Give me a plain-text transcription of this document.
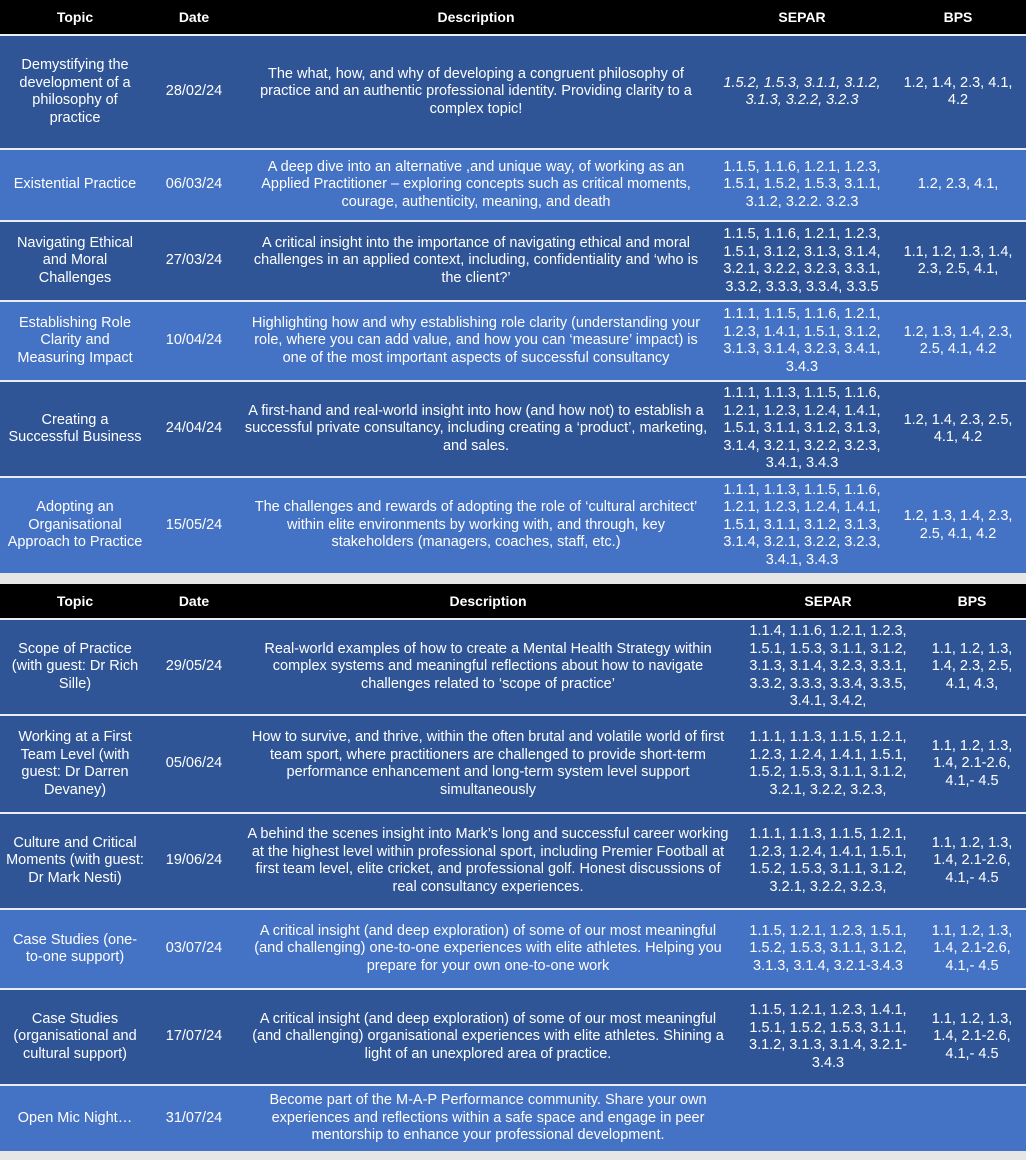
Topic	Date	Description	SEPAR	BPS
Demystifying the development of a philosophy of practice	28/02/24	The what, how, and why of developing a congruent philosophy of practice and an authentic professional identity. Providing clarity to a complex topic!	1.5.2, 1.5.3, 3.1.1, 3.1.2, 3.1.3, 3.2.2, 3.2.3	1.2, 1.4, 2.3, 4.1, 4.2
Existential Practice	06/03/24	A deep dive into an alternative ,and unique way, of working as an Applied Practitioner – exploring concepts such as critical moments, courage, authenticity, meaning, and death	1.1.5, 1.1.6, 1.2.1, 1.2.3, 1.5.1, 1.5.2, 1.5.3, 3.1.1, 3.1.2, 3.2.2. 3.2.3	1.2, 2.3, 4.1,
Navigating Ethical and Moral Challenges	27/03/24	A critical insight into the importance of navigating ethical and moral challenges in an applied context, including, confidentiality and ‘who is the client?’	1.1.5, 1.1.6, 1.2.1, 1.2.3, 1.5.1, 3.1.2, 3.1.3, 3.1.4, 3.2.1, 3.2.2, 3.2.3, 3.3.1, 3.3.2, 3.3.3, 3.3.4, 3.3.5	1.1, 1.2, 1.3, 1.4, 2.3, 2.5, 4.1,
Establishing Role Clarity and Measuring Impact	10/04/24	Highlighting how and why establishing role clarity (understanding your role, where you can add value, and how you can ‘measure’ impact) is one of the most important aspects of successful consultancy	1.1.1, 1.1.5, 1.1.6, 1.2.1, 1.2.3, 1.4.1, 1.5.1, 3.1.2, 3.1.3, 3.1.4, 3.2.3, 3.4.1, 3.4.3	1.2, 1.3, 1.4, 2.3, 2.5, 4.1, 4.2
Creating a Successful Business	24/04/24	A first-hand and real-world insight into how (and how not) to establish a successful private consultancy, including creating a ‘product’, marketing, and sales.	1.1.1, 1.1.3, 1.1.5, 1.1.6, 1.2.1, 1.2.3, 1.2.4, 1.4.1, 1.5.1, 3.1.1, 3.1.2, 3.1.3, 3.1.4, 3.2.1, 3.2.2, 3.2.3, 3.4.1, 3.4.3	1.2, 1.4, 2.3, 2.5, 4.1, 4.2
Adopting an Organisational Approach to Practice	15/05/24	The challenges and rewards of adopting the role of ‘cultural architect’ within elite environments by working with, and through, key stakeholders (managers, coaches, staff, etc.)	1.1.1, 1.1.3, 1.1.5, 1.1.6, 1.2.1, 1.2.3, 1.2.4, 1.4.1, 1.5.1, 3.1.1, 3.1.2, 3.1.3, 3.1.4, 3.2.1, 3.2.2, 3.2.3, 3.4.1, 3.4.3	1.2, 1.3, 1.4, 2.3, 2.5, 4.1, 4.2
Topic	Date	Description	SEPAR	BPS
Scope of Practice (with guest: Dr Rich Sille)	29/05/24	Real-world examples of how to create a Mental Health Strategy within complex systems and meaningful reflections about how to navigate challenges related to ‘scope of practice’	1.1.4, 1.1.6, 1.2.1, 1.2.3, 1.5.1, 1.5.3, 3.1.1, 3.1.2, 3.1.3, 3.1.4, 3.2.3, 3.3.1, 3.3.2, 3.3.3, 3.3.4, 3.3.5, 3.4.1, 3.4.2,	1.1, 1.2, 1.3, 1.4, 2.3, 2.5, 4.1, 4.3,
Working at a First Team Level (with guest: Dr Darren Devaney)	05/06/24	How to survive, and thrive, within the often brutal and volatile world of first team sport, where practitioners are challenged to provide short-term performance enhancement and long-term system level support simultaneously	1.1.1, 1.1.3, 1.1.5, 1.2.1, 1.2.3, 1.2.4, 1.4.1, 1.5.1, 1.5.2, 1.5.3, 3.1.1, 3.1.2, 3.2.1, 3.2.2, 3.2.3,	1.1, 1.2, 1.3, 1.4, 2.1-2.6, 4.1,- 4.5
Culture and Critical Moments (with guest: Dr Mark Nesti)	19/06/24	A behind the scenes insight into Mark’s long and successful career working at the highest level within professional sport, including Premier Football at first team level, elite cricket, and professional golf. Honest discussions of real consultancy experiences.	1.1.1, 1.1.3, 1.1.5, 1.2.1, 1.2.3, 1.2.4, 1.4.1, 1.5.1, 1.5.2, 1.5.3, 3.1.1, 3.1.2, 3.2.1, 3.2.2, 3.2.3,	1.1, 1.2, 1.3, 1.4, 2.1-2.6, 4.1,- 4.5
Case Studies (one-to-one support)	03/07/24	A critical insight (and deep exploration) of some of our most meaningful (and challenging) one-to-one experiences with elite athletes. Helping you prepare for your own one-to-one work	1.1.5, 1.2.1, 1.2.3, 1.5.1, 1.5.2, 1.5.3, 3.1.1, 3.1.2, 3.1.3, 3.1.4, 3.2.1-3.4.3	1.1, 1.2, 1.3, 1.4, 2.1-2.6, 4.1,- 4.5
Case Studies (organisational and cultural support)	17/07/24	A critical insight (and deep exploration) of some of our most meaningful (and challenging) organisational experiences with elite athletes. Shining a light of an unexplored area of practice.	1.1.5, 1.2.1, 1.2.3, 1.4.1, 1.5.1, 1.5.2, 1.5.3, 3.1.1, 3.1.2, 3.1.3, 3.1.4, 3.2.1- 3.4.3	1.1, 1.2, 1.3, 1.4, 2.1-2.6, 4.1,- 4.5
Open Mic Night…	31/07/24	Become part of the M-A-P Performance community. Share your own experiences and reflections within a safe space and engage in peer mentorship to enhance your professional development.		
